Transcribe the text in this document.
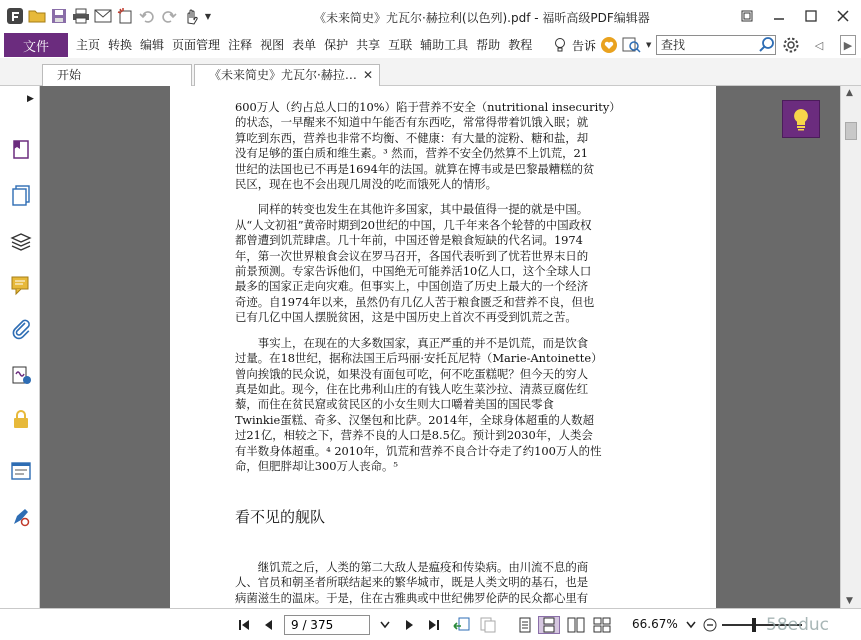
▼	《未来简史》尤瓦尔·赫拉利(以色列).pdf - 福昕高级PDF编辑器
文件	主页 转换 编辑 页面管理 注释 视图 表单 保护 共享 互联 辅助工具 帮助 教程	告诉	▼ 查找	◁	▶
开始	《未来简史》尤瓦尔·赫拉… ✕
▶

600万人（约占总人口的10%）陷于营养不安全（nutritional insecurity）

的状态，一早醒来不知道中午能否有东西吃，常常得带着饥饿入眠；就

算吃到东西，营养也非常不均衡、不健康：有大量的淀粉、糖和盐，却

没有足够的蛋白质和维生素。³ 然而，营养不安全仍然算不上饥荒，21

世纪的法国也已不再是1694年的法国。就算在博韦或是巴黎最糟糕的贫

民区，现在也不会出现几周没的吃而饿死人的情形。

同样的转变也发生在其他许多国家，其中最值得一提的就是中国。

从“人文初祖”黄帝时期到20世纪的中国，几千年来各个轮替的中国政权

都曾遭到饥荒肆虐。几十年前，中国还曾是粮食短缺的代名词。1974

年，第一次世界粮食会议在罗马召开，各国代表听到了忧若世界末日的

前景预测。专家告诉他们，中国绝无可能养活10亿人口，这个全球人口

最多的国家正走向灾难。但事实上，中国创造了历史上最大的一个经济

奇迹。自1974年以来，虽然仍有几亿人苦于粮食匮乏和营养不良，但也

已有几亿中国人摆脱贫困，这是中国历史上首次不再受到饥荒之苦。

事实上，在现在的大多数国家，真正严重的并不是饥荒，而是饮食

过量。在18世纪，据称法国王后玛丽·安托瓦尼特（Marie-Antoinette）

曾向挨饿的民众说，如果没有面包可吃，何不吃蛋糕呢？但今天的穷人

真是如此。现今，住在比弗利山庄的有钱人吃生菜沙拉、清蒸豆腐佐红

藜，而住在贫民窟或贫民区的小女生则大口嚼着美国的国民零食

Twinkie蛋糕、奇多、汉堡包和比萨。2014年，全球身体超重的人数超

过21亿，相较之下，营养不良的人口是8.5亿。预计到2030年，人类会

有半数身体超重。⁴ 2010年，饥荒和营养不良合计夺走了约100万人的性

命，但肥胖却让300万人丧命。⁵

看不见的舰队

继饥荒之后，人类的第二大敌人是瘟疫和传染病。由川流不息的商

人、官员和朝圣者所联结起来的繁华城市，既是人类文明的基石，也是

病菌滋生的温床。于是，住在古雅典或中世纪佛罗伦萨的民众都心里有

▲
▼
9 / 375	66.67%	58educ
